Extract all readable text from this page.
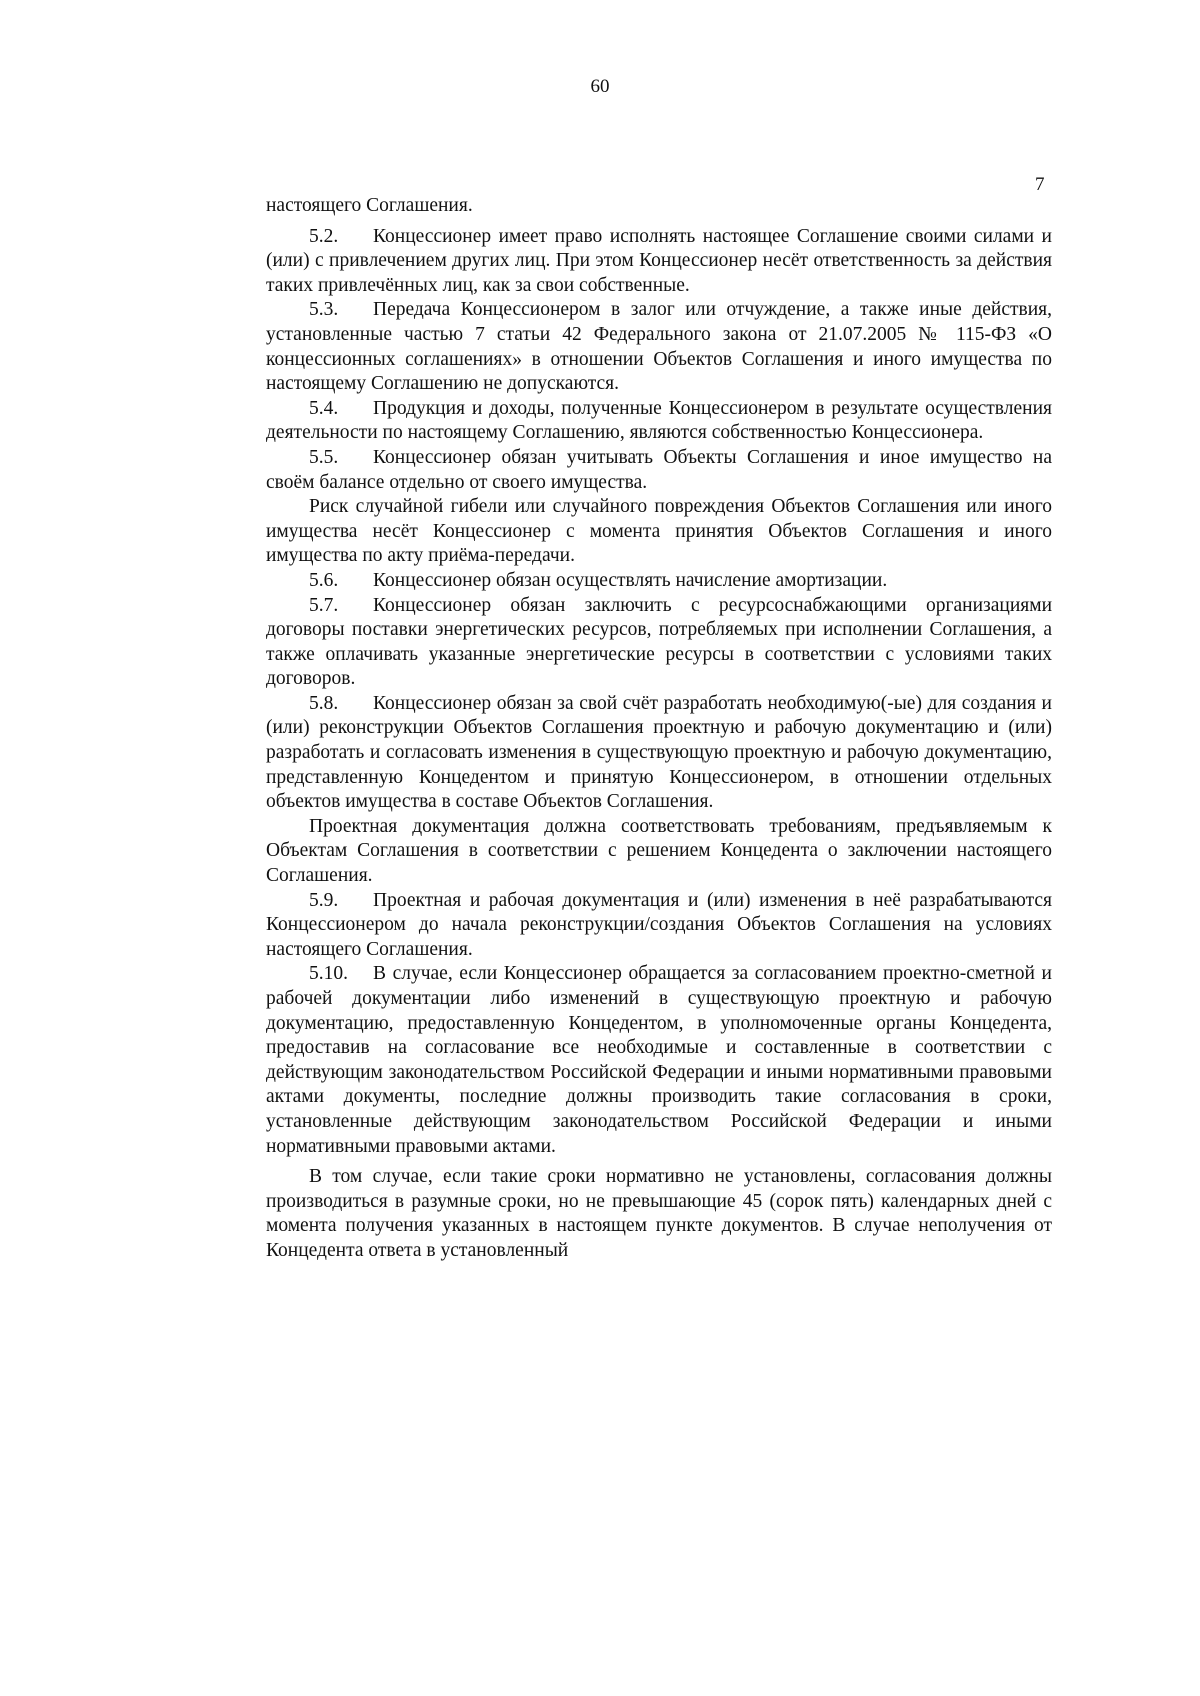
60
7

настоящего Соглашения.

5.2. Концессионер имеет право исполнять настоящее Соглашение своими силами и (или) с привлечением других лиц. При этом Концессионер несёт ответственность за действия таких привлечённых лиц, как за свои собственные.

5.3. Передача Концессионером в залог или отчуждение, а также иные действия, установленные частью 7 статьи 42 Федерального закона от 21.07.2005 № 115-ФЗ «О концессионных соглашениях» в отношении Объектов Соглашения и иного имущества по настоящему Соглашению не допускаются.

5.4. Продукция и доходы, полученные Концессионером в результате осуществления деятельности по настоящему Соглашению, являются собственностью Концессионера.

5.5. Концессионер обязан учитывать Объекты Соглашения и иное имущество на своём балансе отдельно от своего имущества.

Риск случайной гибели или случайного повреждения Объектов Соглашения или иного имущества несёт Концессионер с момента принятия Объектов Соглашения и иного имущества по акту приёма-передачи.

5.6. Концессионер обязан осуществлять начисление амортизации.

5.7. Концессионер обязан заключить с ресурсоснабжающими организациями договоры поставки энергетических ресурсов, потребляемых при исполнении Соглашения, а также оплачивать указанные энергетические ресурсы в соответствии с условиями таких договоров.

5.8. Концессионер обязан за свой счёт разработать необходимую(-ые) для создания и (или) реконструкции Объектов Соглашения проектную и рабочую документацию и (или) разработать и согласовать изменения в существующую проектную и рабочую документацию, представленную Концедентом и принятую Концессионером, в отношении отдельных объектов имущества в составе Объектов Соглашения.

Проектная документация должна соответствовать требованиям, предъявляемым к Объектам Соглашения в соответствии с решением Концедента о заключении настоящего Соглашения.

5.9. Проектная и рабочая документация и (или) изменения в неё разрабатываются Концессионером до начала реконструкции/создания Объектов Соглашения на условиях настоящего Соглашения.

5.10. В случае, если Концессионер обращается за согласованием проектно-сметной и рабочей документации либо изменений в существующую проектную и рабочую документацию, предоставленную Концедентом, в уполномоченные органы Концедента, предоставив на согласование все необходимые и составленные в соответствии с действующим законодательством Российской Федерации и иными нормативными правовыми актами документы, последние должны производить такие согласования в сроки, установленные действующим законодательством Российской Федерации и иными нормативными правовыми актами.

В том случае, если такие сроки нормативно не установлены, согласования должны производиться в разумные сроки, но не превышающие 45 (сорок пять) календарных дней с момента получения указанных в настоящем пункте документов. В случае неполучения от Концедента ответа в установленный
